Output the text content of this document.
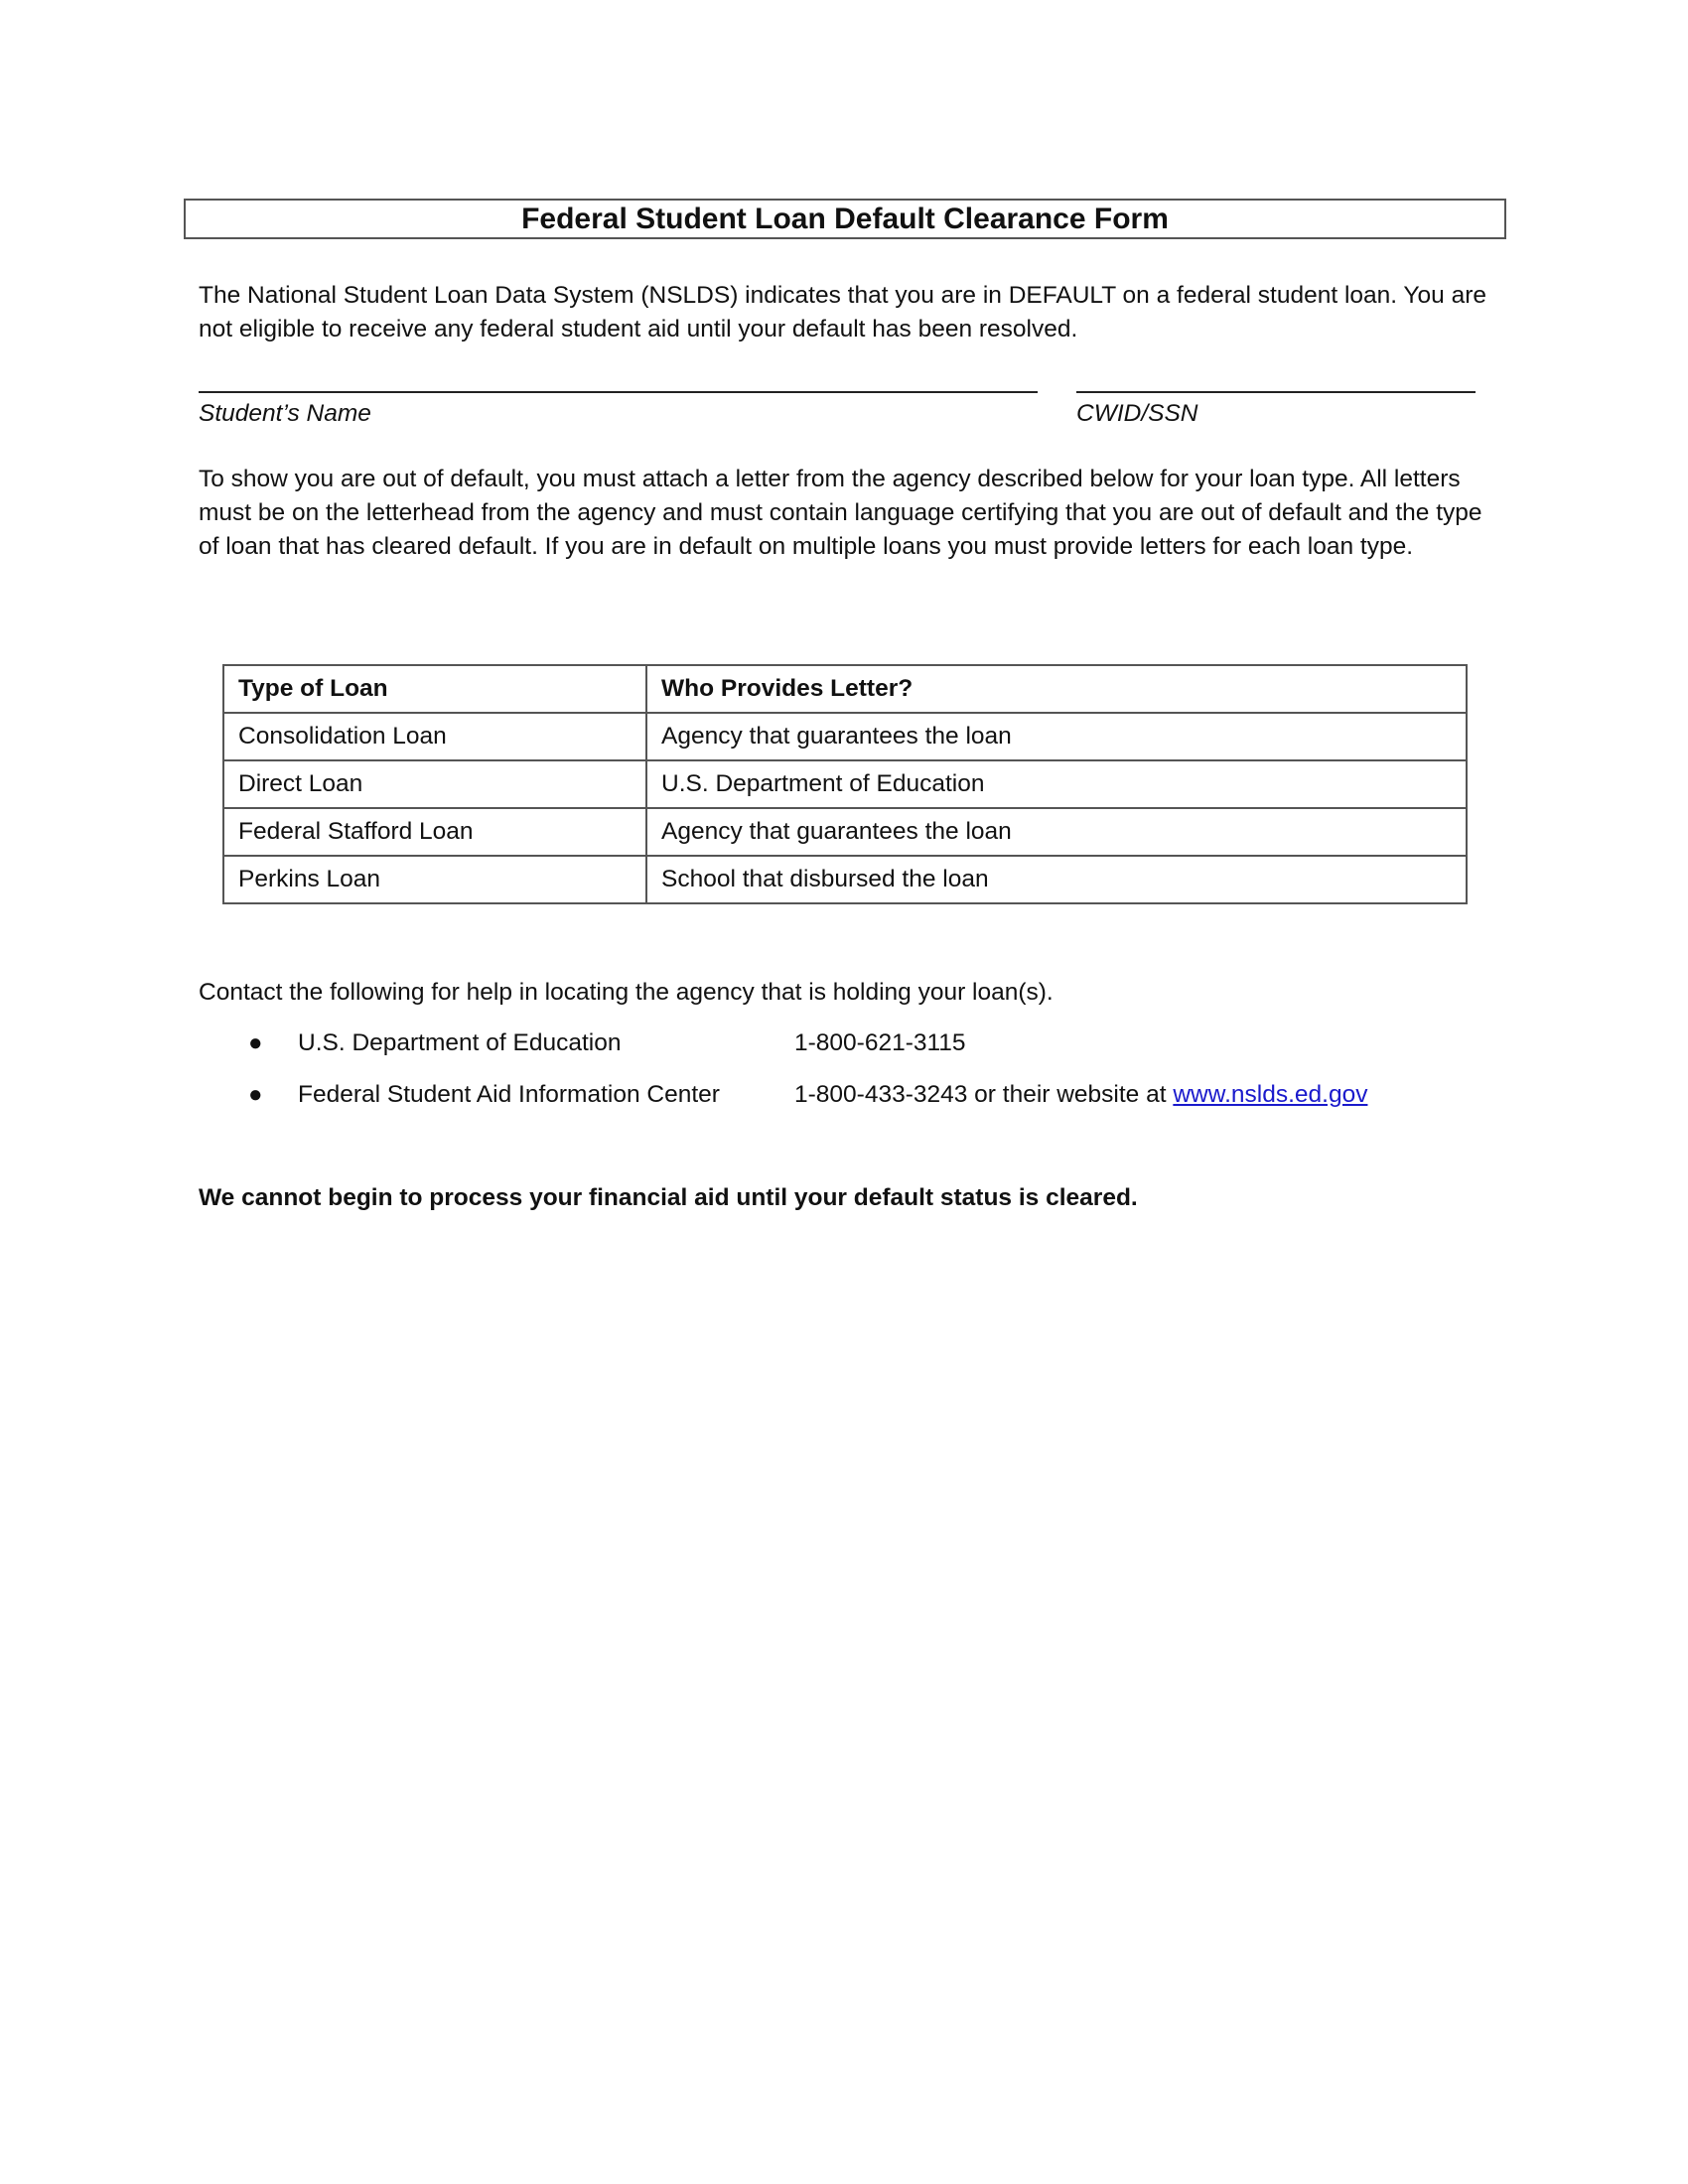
Federal Student Loan Default Clearance Form

The National Student Loan Data System (NSLDS) indicates that you are in DEFAULT on a federal student loan. You are not eligible to receive any federal student aid until your default has been resolved.

Student’s Name	CWID/SSN

To show you are out of default, you must attach a letter from the agency described below for your loan type. All letters must be on the letterhead from the agency and must contain language certifying that you are out of default and the type of loan that has cleared default. If you are in default on multiple loans you must provide letters for each loan type.

Type of Loan	Who Provides Letter?
Consolidation Loan	Agency that guarantees the loan
Direct Loan	U.S. Department of Education
Federal Stafford Loan	Agency that guarantees the loan
Perkins Loan	School that disbursed the loan

Contact the following for help in locating the agency that is holding your loan(s).

● U.S. Department of Education	1-800-621-3115
● Federal Student Aid Information Center	1-800-433-3243 or their website at www.nslds.ed.gov
We cannot begin to process your financial aid until your default status is cleared.
